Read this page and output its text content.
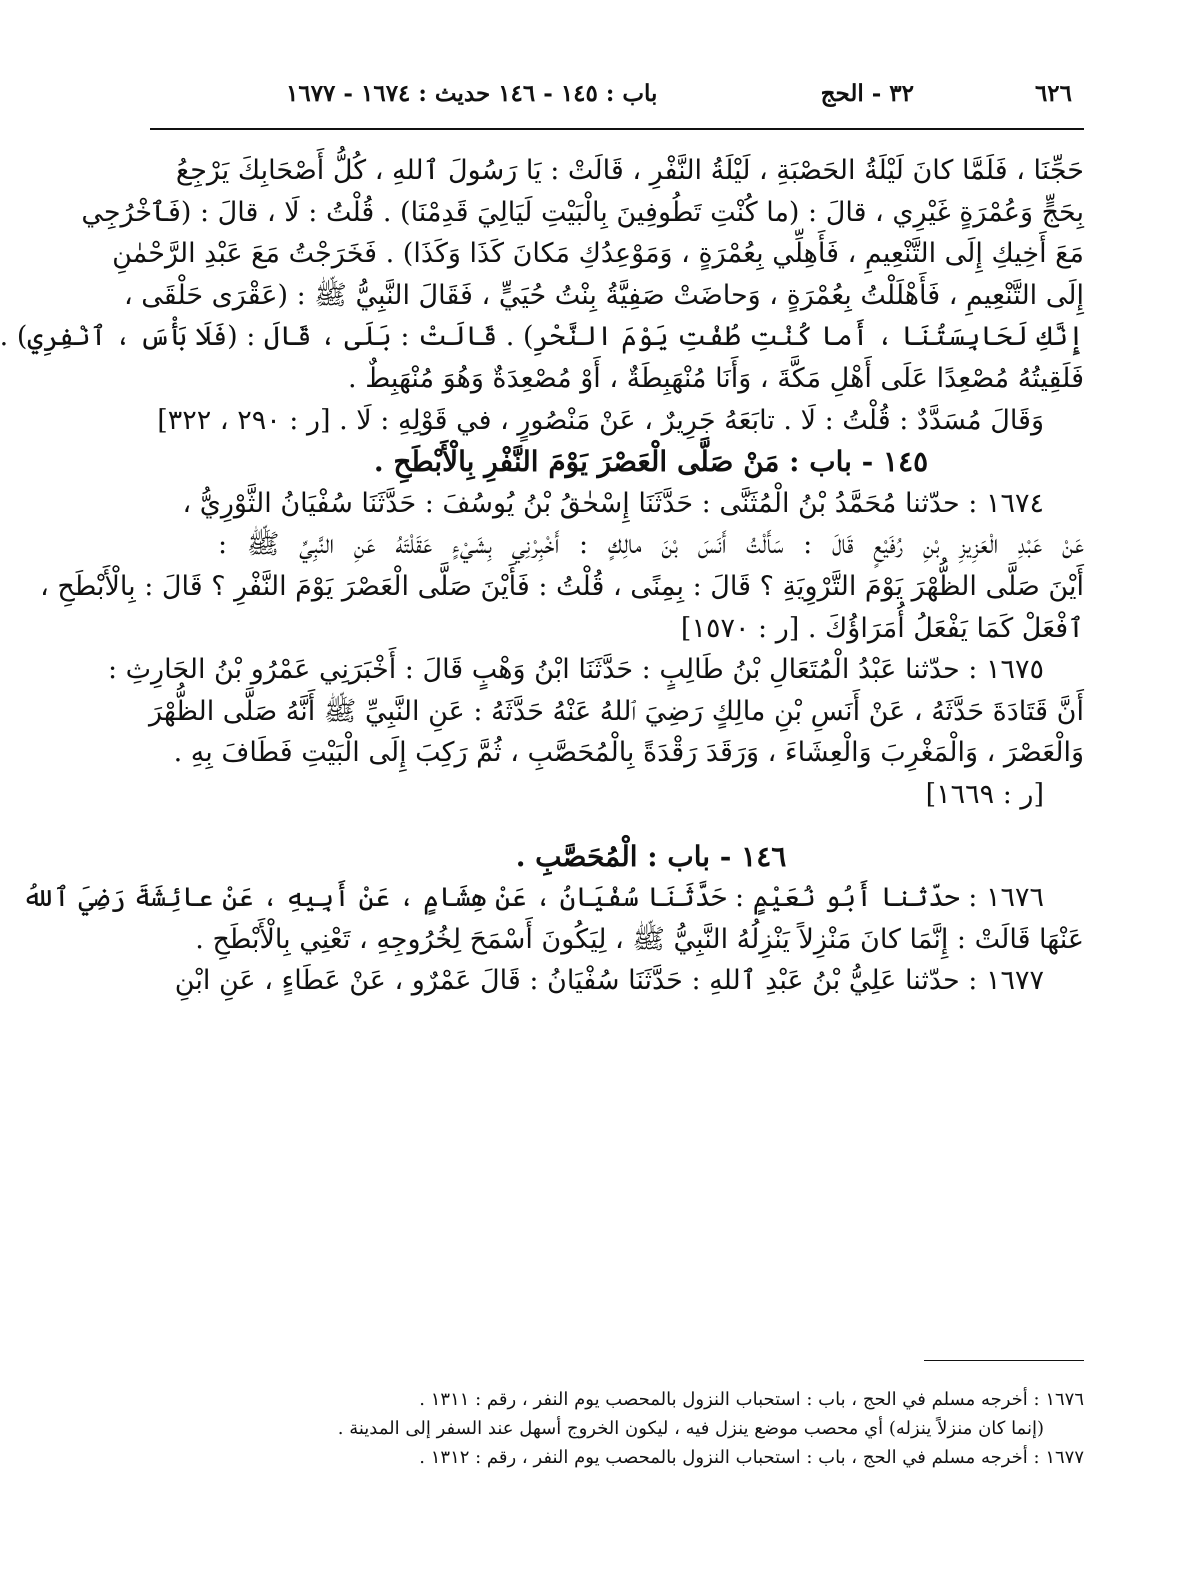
٦٢٦
٣٢ - الحج
باب : ١٤٥ - ١٤٦ حديث : ١٦٧٤ - ١٦٧٧
حَجِّنَا ، فَلَمَّا كانَ لَيْلَةُ الحَصْبَةِ ، لَيْلَةُ النَّفْرِ ، قَالَتْ : يَا رَسُولَ ٱللهِ ، كُلُّ أَصْحَابِكَ يَرْجِعُ
بِحَجٍّ وَعُمْرَةٍ غَيْرِي ، قالَ : (ما كُنْتِ تَطُوفِينَ بِالْبَيْتِ لَيَالِيَ قَدِمْنَا) . قُلْتُ : لَا ، قالَ : (فَٱخْرُجِي
مَعَ أَخِيكِ إِلَى التَّنْعِيمِ ، فَأَهِلِّي بِعُمْرَةٍ ، وَمَوْعِدُكِ مَكانَ كَذَا وَكَذَا) . فَخَرَجْتُ مَعَ عَبْدِ الرَّحْمٰنِ
إِلَى التَّنْعِيمِ ، فَأَهْلَلْتُ بِعُمْرَةٍ ، وَحاضَتْ صَفِيَّةُ بِنْتُ حُيَيٍّ ، فَقَالَ النَّبِيُّ ﷺ : (عَقْرَى حَلْقَى ،
إِنَّكِ لَحَابِسَتُنَا ، أَما كُنْتِ طُفْتِ يَوْمَ النَّحْرِ) . قَالَتْ : بَلَى ، قَالَ : (فَلَا بَأْسَ ، ٱنْفِرِي) .
فَلَقِيتُهُ مُصْعِدًا عَلَى أَهْلِ مَكَّةَ ، وَأَنَا مُنْهَبِطَةٌ ، أَوْ مُصْعِدَةٌ وَهُوَ مُنْهَبِطٌ .
وَقَالَ مُسَدَّدٌ : قُلْتُ : لَا . تابَعَهُ جَرِيرٌ ، عَنْ مَنْصُورٍ ، في قَوْلِهِ : لَا . [ر : ٢٩٠ ، ٣٢٢]
١٤٥ - باب : مَنْ صَلَّى الْعَصْرَ يَوْمَ النَّفْرِ بِالْأَبْطَحِ .
١٦٧٤ : حدّثنا مُحَمَّدُ بْنُ الْمُثَنَّى : حَدَّثَنَا إِسْحٰقُ بْنُ يُوسُفَ : حَدَّثَنَا سُفْيَانُ الثَّوْرِيُّ ،
عَنْ عَبْدِ الْعَزِيزِ بْنِ رُفَيْعٍ قَالَ : سَأَلْتُ أَنَسَ بْنَ مالِكٍ : أَخْبِرْنِي بِشَيْءٍ عَقَلْتَهُ عَنِ النَّبِيِّ ﷺ :
أَيْنَ صَلَّى الظُّهْرَ يَوْمَ التَّرْوِيَةِ ؟ قَالَ : بِمِنًى ، قُلْتُ : فَأَيْنَ صَلَّى الْعَصْرَ يَوْمَ النَّفْرِ ؟ قَالَ : بِالْأَبْطَحِ ،
ٱفْعَلْ كَمَا يَفْعَلُ أُمَرَاؤُكَ . [ر : ١٥٧٠]
١٦٧٥ : حدّثنا عَبْدُ الْمُتَعَالِ بْنُ طَالِبٍ : حَدَّثَنَا ابْنُ وَهْبٍ قَالَ : أَخْبَرَنِي عَمْرُو بْنُ الحَارِثِ :
أَنَّ قَتَادَةَ حَدَّثَهُ ، عَنْ أَنَسِ بْنِ مالِكٍ رَضِيَ ٱللهُ عَنْهُ حَدَّثَهُ : عَنِ النَّبِيِّ ﷺ أَنَّهُ صَلَّى الظُّهْرَ
وَالْعَصْرَ ، وَالْمَغْرِبَ وَالْعِشَاءَ ، وَرَقَدَ رَقْدَةً بِالْمُحَصَّبِ ، ثُمَّ رَكِبَ إِلَى الْبَيْتِ فَطَافَ بِهِ .
[ر : ١٦٦٩]
١٤٦ - باب : الْمُحَصَّبِ .
١٦٧٦ : حدّثنا أَبُو نُعَيْمٍ : حَدَّثَنَا سُفْيَانُ ، عَنْ هِشَامٍ ، عَنْ أَبِيهِ ، عَنْ عائِشَةَ رَضِيَ ٱللهُ
عَنْهَا قَالَتْ : إِنَّمَا كانَ مَنْزِلاً يَنْزِلُهُ النَّبِيُّ ﷺ ، لِيَكُونَ أَسْمَحَ لِخُرُوجِهِ ، تَعْنِي بِالْأَبْطَحِ .
١٦٧٧ : حدّثنا عَلِيُّ بْنُ عَبْدِ ٱللهِ : حَدَّثَنَا سُفْيَانُ : قَالَ عَمْرٌو ، عَنْ عَطَاءٍ ، عَنِ ابْنِ
١٦٧٦ : أخرجه مسلم في الحج ، باب : استحباب النزول بالمحصب يوم النفر ، رقم : ١٣١١ .
(إنما كان منزلاً ينزله) أي محصب موضع ينزل فيه ، ليكون الخروج أسهل عند السفر إلى المدينة .
١٦٧٧ : أخرجه مسلم في الحج ، باب : استحباب النزول بالمحصب يوم النفر ، رقم : ١٣١٢ .
